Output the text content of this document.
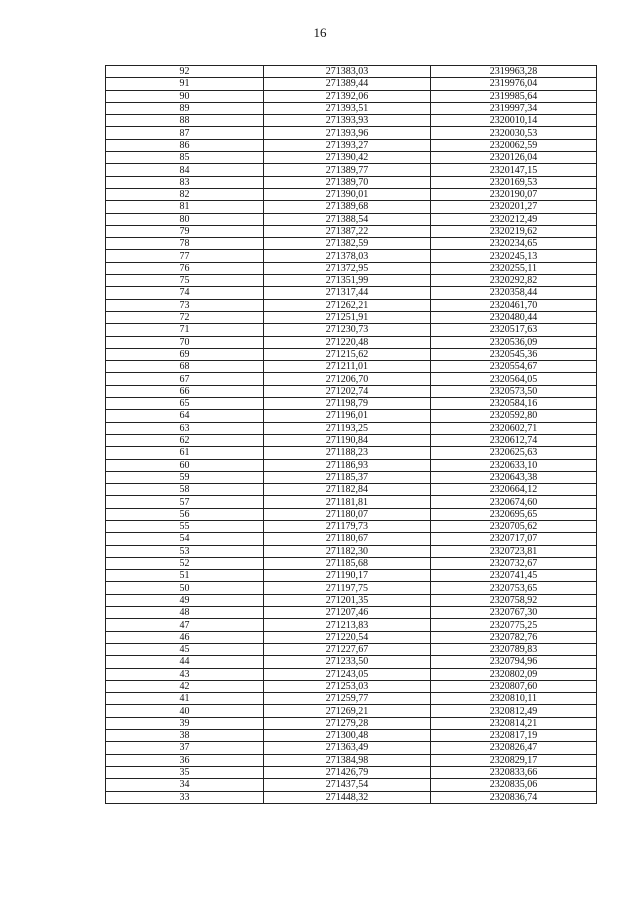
16
92	271383,03	2319963,28
91	271389,44	2319976,04
90	271392,06	2319985,64
89	271393,51	2319997,34
88	271393,93	2320010,14
87	271393,96	2320030,53
86	271393,27	2320062,59
85	271390,42	2320126,04
84	271389,77	2320147,15
83	271389,70	2320169,53
82	271390,01	2320190,07
81	271389,68	2320201,27
80	271388,54	2320212,49
79	271387,22	2320219,62
78	271382,59	2320234,65
77	271378,03	2320245,13
76	271372,95	2320255,11
75	271351,99	2320292,82
74	271317,44	2320358,44
73	271262,21	2320461,70
72	271251,91	2320480,44
71	271230,73	2320517,63
70	271220,48	2320536,09
69	271215,62	2320545,36
68	271211,01	2320554,67
67	271206,70	2320564,05
66	271202,74	2320573,50
65	271198,79	2320584,16
64	271196,01	2320592,80
63	271193,25	2320602,71
62	271190,84	2320612,74
61	271188,23	2320625,63
60	271186,93	2320633,10
59	271185,37	2320643,38
58	271182,84	2320664,12
57	271181,81	2320674,60
56	271180,07	2320695,65
55	271179,73	2320705,62
54	271180,67	2320717,07
53	271182,30	2320723,81
52	271185,68	2320732,67
51	271190,17	2320741,45
50	271197,75	2320753,65
49	271201,35	2320758,92
48	271207,46	2320767,30
47	271213,83	2320775,25
46	271220,54	2320782,76
45	271227,67	2320789,83
44	271233,50	2320794,96
43	271243,05	2320802,09
42	271253,03	2320807,60
41	271259,77	2320810,11
40	271269,21	2320812,49
39	271279,28	2320814,21
38	271300,48	2320817,19
37	271363,49	2320826,47
36	271384,98	2320829,17
35	271426,79	2320833,66
34	271437,54	2320835,06
33	271448,32	2320836,74
